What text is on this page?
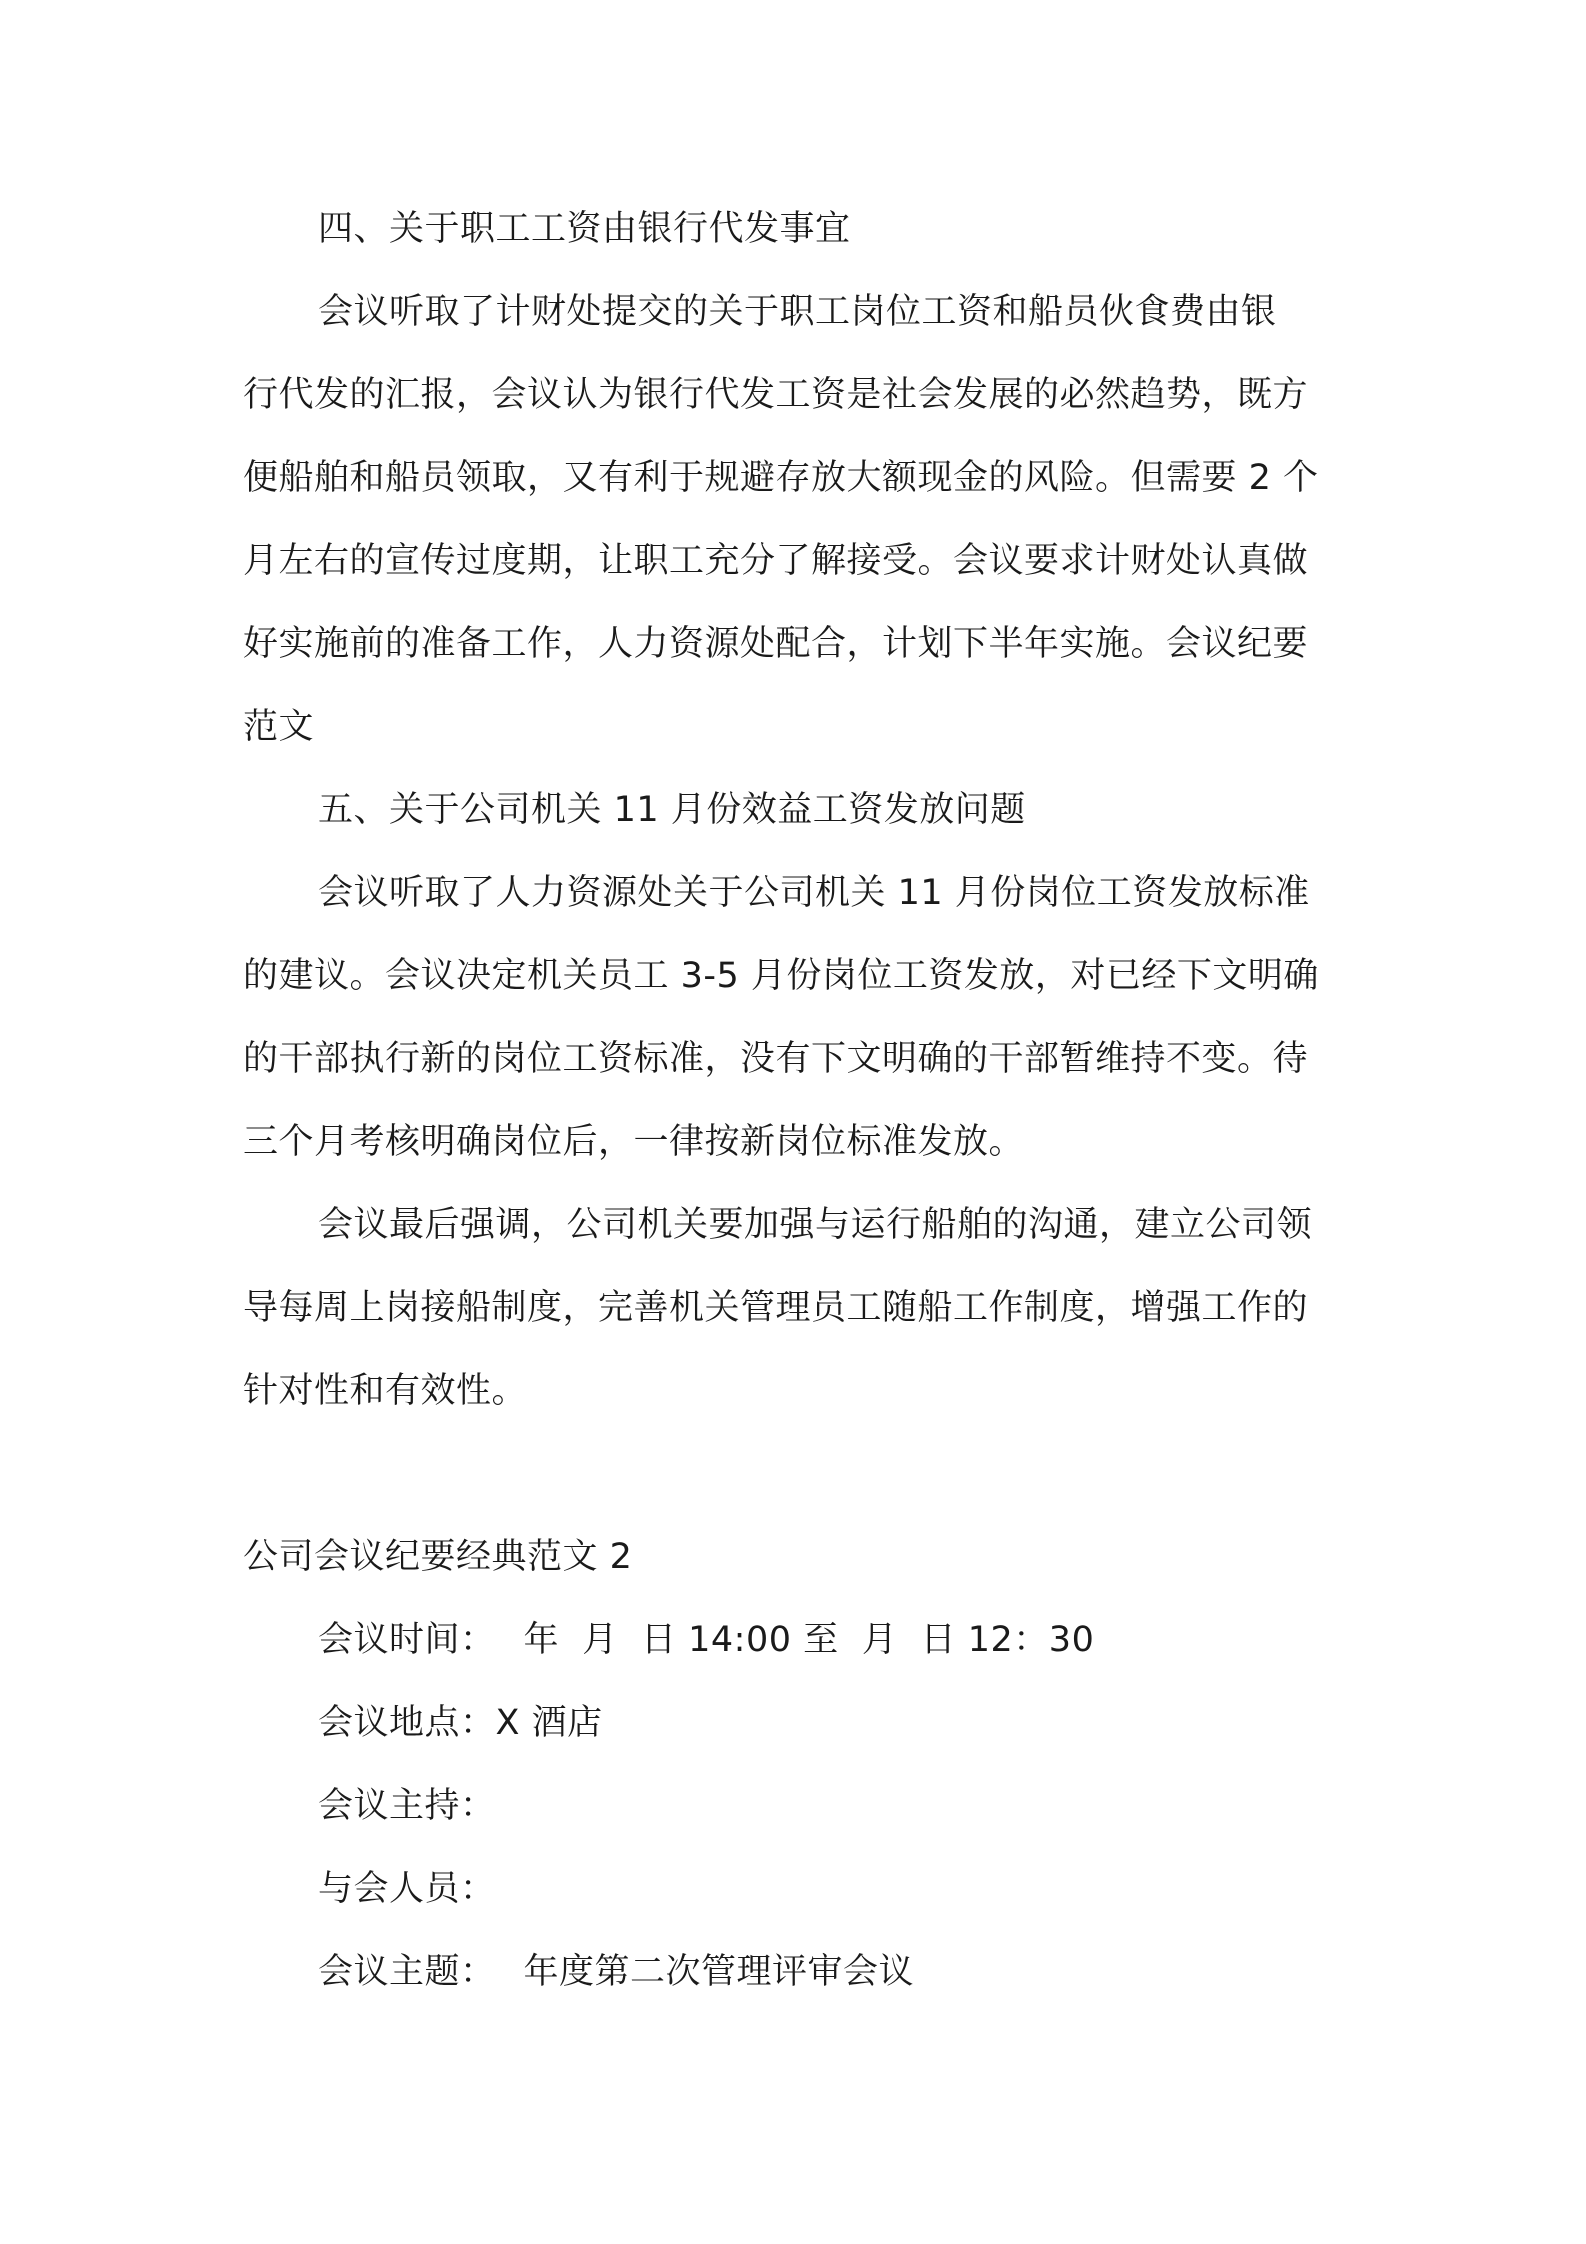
四、关于职工工资由银行代发事宜
会议听取了计财处提交的关于职工岗位工资和船员伙食费由银
行代发的汇报，会议认为银行代发工资是社会发展的必然趋势，既方
便船舶和船员领取，又有利于规避存放大额现金的风险。但需要 2 个
月左右的宣传过度期，让职工充分了解接受。会议要求计财处认真做
好实施前的准备工作，人力资源处配合，计划下半年实施。会议纪要
范文
五、关于公司机关 11 月份效益工资发放问题
会议听取了人力资源处关于公司机关 11 月份岗位工资发放标准
的建议。会议决定机关员工 3-5 月份岗位工资发放，对已经下文明确
的干部执行新的岗位工资标准，没有下文明确的干部暂维持不变。待
三个月考核明确岗位后，一律按新岗位标准发放。
会议最后强调，公司机关要加强与运行船舶的沟通，建立公司领
导每周上岗接船制度，完善机关管理员工随船工作制度，增强工作的
针对性和有效性。
公司会议纪要经典范文 2
会议时间： 年  月  日 14:00 至  月  日 12：30
会议地点：X 酒店
会议主持：
与会人员：
会议主题： 年度第二次管理评审会议
